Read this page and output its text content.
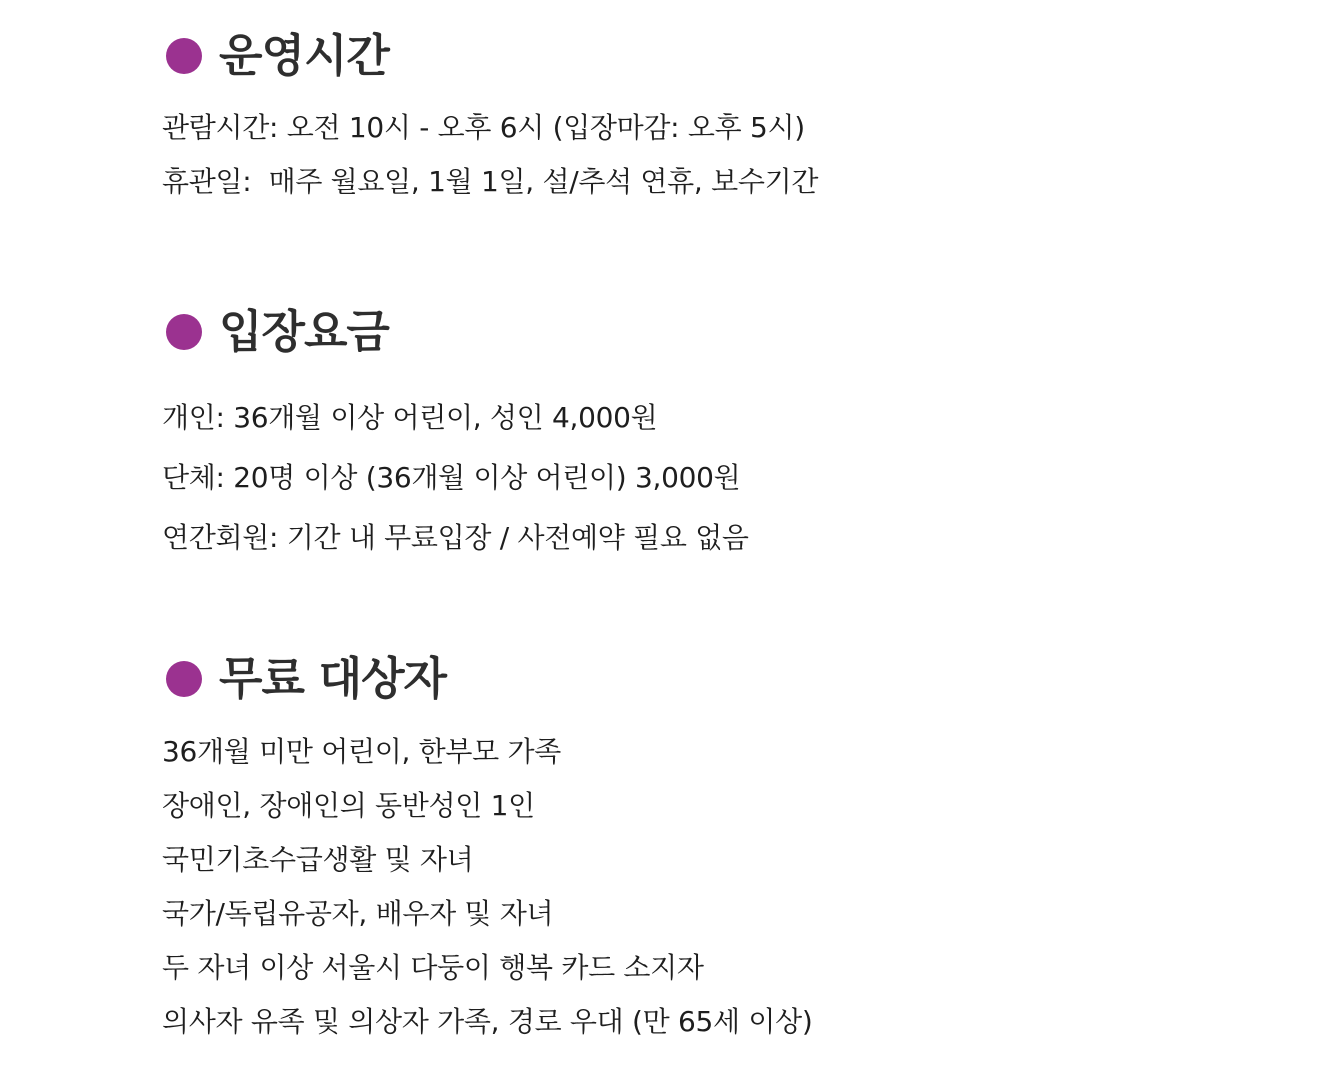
운영시간
관람시간: 오전 10시 - 오후 6시 (입장마감: 오후 5시)
휴관일:  매주 월요일, 1월 1일, 설/추석 연휴, 보수기간
입장요금
개인: 36개월 이상 어린이, 성인 4,000원
단체: 20명 이상 (36개월 이상 어린이) 3,000원
연간회원: 기간 내 무료입장 / 사전예약 필요 없음
무료 대상자
36개월 미만 어린이, 한부모 가족
장애인, 장애인의 동반성인 1인
국민기초수급생활 및 자녀
국가/독립유공자, 배우자 및 자녀
두 자녀 이상 서울시 다둥이 행복 카드 소지자
의사자 유족 및 의상자 가족, 경로 우대 (만 65세 이상)
